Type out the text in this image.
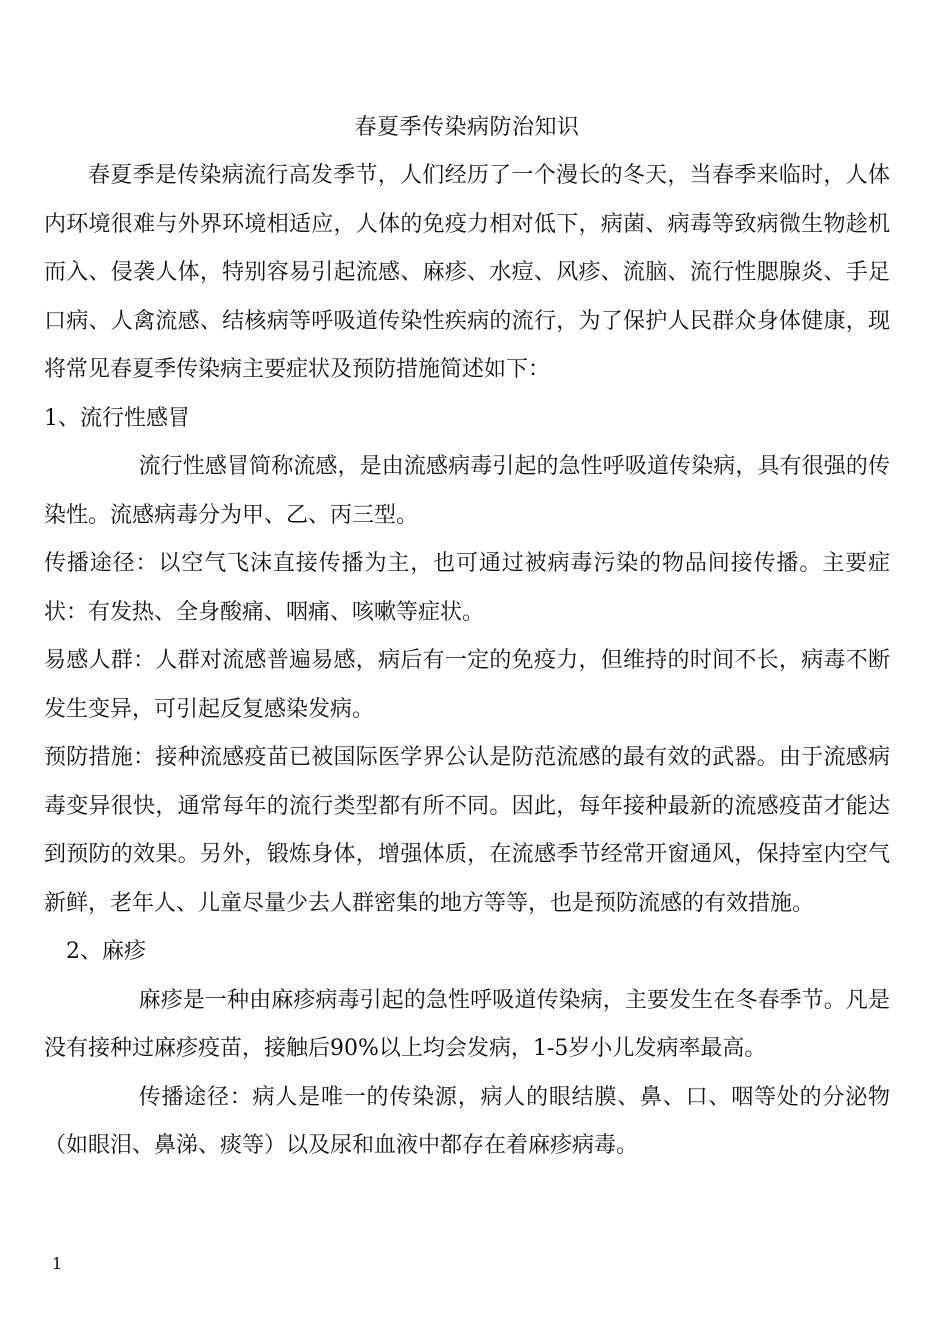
春夏季传染病防治知识

春夏季是传染病流行高发季节，人们经历了一个漫长的冬天，当春季来临时，人体内环境很难与外界环境相适应，人体的免疫力相对低下，病菌、病毒等致病微生物趁机而入、侵袭人体，特别容易引起流感、麻疹、水痘、风疹、流脑、流行性腮腺炎、手足口病、人禽流感、结核病等呼吸道传染性疾病的流行，为了保护人民群众身体健康，现将常见春夏季传染病主要症状及预防措施简述如下：

1、流行性感冒

流行性感冒简称流感，是由流感病毒引起的急性呼吸道传染病，具有很强的传染性。流感病毒分为甲、乙、丙三型。

传播途径：以空气飞沫直接传播为主，也可通过被病毒污染的物品间接传播。主要症状：有发热、全身酸痛、咽痛、咳嗽等症状。

易感人群：人群对流感普遍易感，病后有一定的免疫力，但维持的时间不长，病毒不断发生变异，可引起反复感染发病。

预防措施：接种流感疫苗已被国际医学界公认是防范流感的最有效的武器。由于流感病毒变异很快，通常每年的流行类型都有所不同。因此，每年接种最新的流感疫苗才能达到预防的效果。另外，锻炼身体，增强体质，在流感季节经常开窗通风，保持室内空气新鲜，老年人、儿童尽量少去人群密集的地方等等，也是预防流感的有效措施。

2、麻疹

麻疹是一种由麻疹病毒引起的急性呼吸道传染病，主要发生在冬春季节。凡是没有接种过麻疹疫苗，接触后90%以上均会发病，1-5岁小儿发病率最高。

传播途径：病人是唯一的传染源，病人的眼结膜、鼻、口、咽等处的分泌物（如眼泪、鼻涕、痰等）以及尿和血液中都存在着麻疹病毒。

1
